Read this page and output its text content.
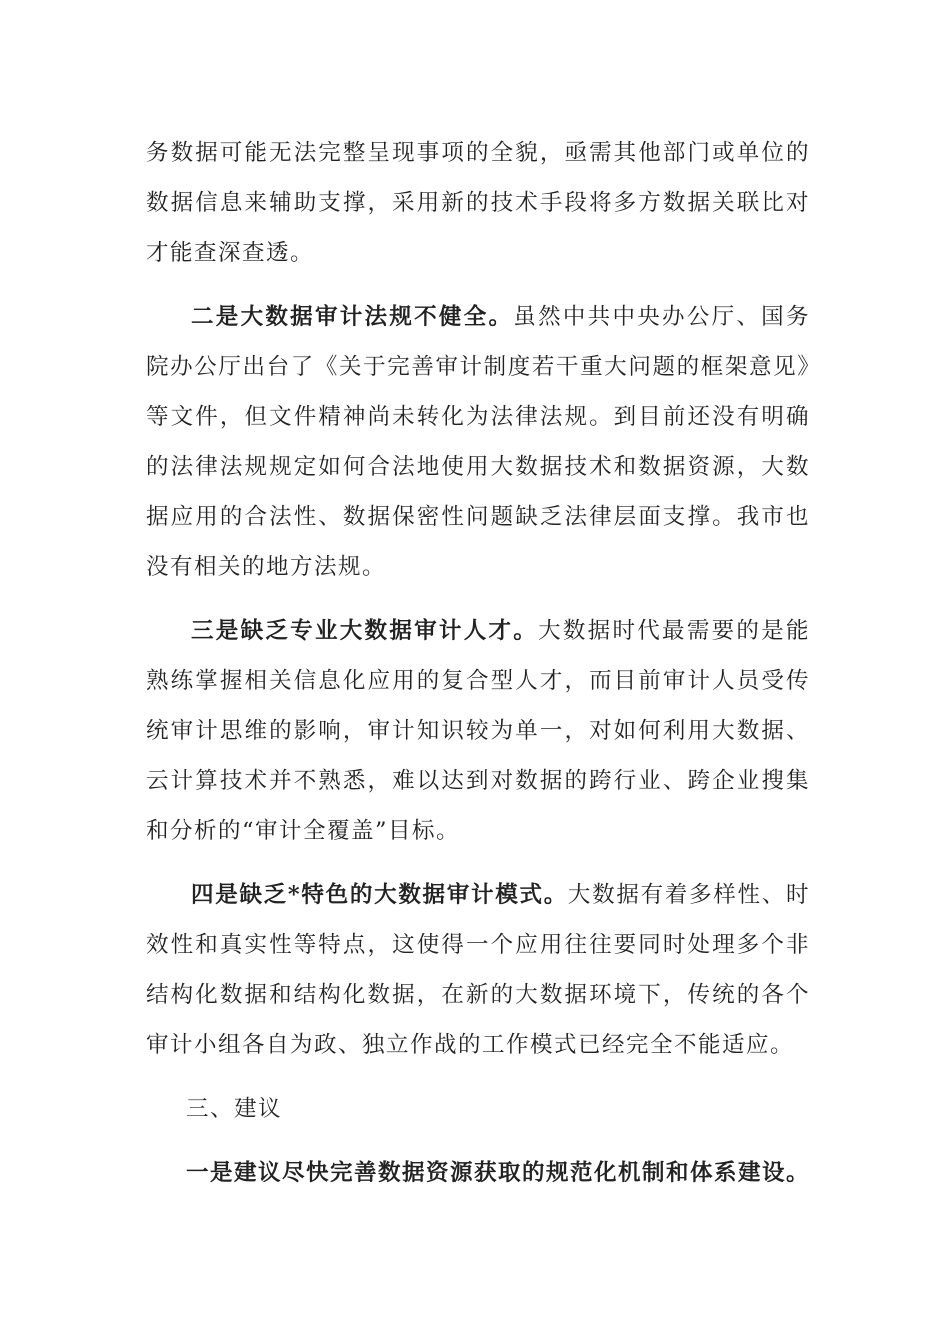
务数据可能无法完整呈现事项的全貌，亟需其他部门或单位的数据信息来辅助支撑，采用新的技术手段将多方数据关联比对才能查深查透。

二是大数据审计法规不健全。虽然中共中央办公厅、国务院办公厅出台了《关于完善审计制度若干重大问题的框架意见》等文件，但文件精神尚未转化为法律法规。到目前还没有明确的法律法规规定如何合法地使用大数据技术和数据资源，大数据应用的合法性、数据保密性问题缺乏法律层面支撑。我市也没有相关的地方法规。

三是缺乏专业大数据审计人才。大数据时代最需要的是能熟练掌握相关信息化应用的复合型人才，而目前审计人员受传统审计思维的影响，审计知识较为单一，对如何利用大数据、云计算技术并不熟悉，难以达到对数据的跨行业、跨企业搜集和分析的“审计全覆盖”目标。

四是缺乏*特色的大数据审计模式。大数据有着多样性、时效性和真实性等特点，这使得一个应用往往要同时处理多个非结构化数据和结构化数据，在新的大数据环境下，传统的各个审计小组各自为政、独立作战的工作模式已经完全不能适应。

三、建议

一是建议尽快完善数据资源获取的规范化机制和体系建设。
